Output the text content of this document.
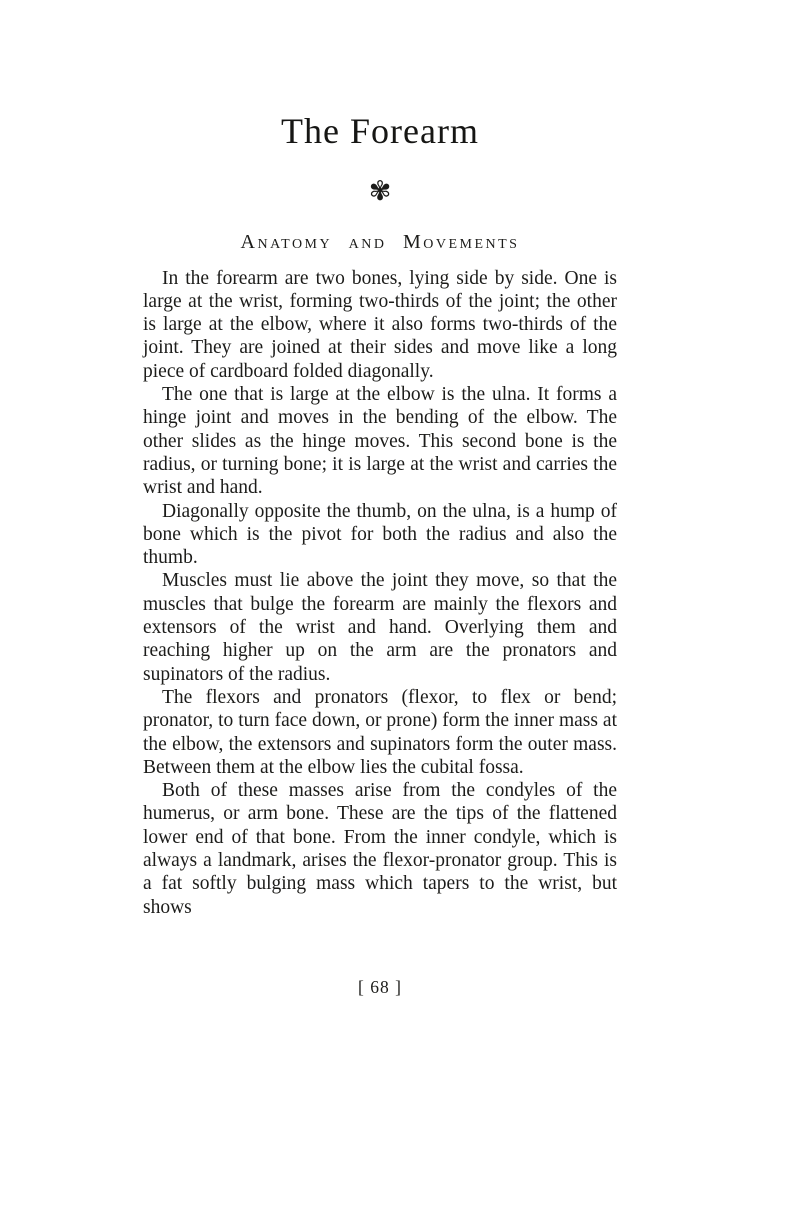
The Forearm
✾
Anatomy and Movements

In the forearm are two bones, lying side by side. One is large at the wrist, forming two-thirds of the joint; the other is large at the elbow, where it also forms two-thirds of the joint. They are joined at their sides and move like a long piece of cardboard folded diagonally.

The one that is large at the elbow is the ulna. It forms a hinge joint and moves in the bending of the elbow. The other slides as the hinge moves. This second bone is the radius, or turning bone; it is large at the wrist and carries the wrist and hand.

Diagonally opposite the thumb, on the ulna, is a hump of bone which is the pivot for both the radius and also the thumb.

Muscles must lie above the joint they move, so that the muscles that bulge the forearm are mainly the flexors and extensors of the wrist and hand. Overlying them and reaching higher up on the arm are the pronators and supinators of the radius.

The flexors and pronators (flexor, to flex or bend; pronator, to turn face down, or prone) form the inner mass at the elbow, the extensors and supinators form the outer mass. Between them at the elbow lies the cubital fossa.

Both of these masses arise from the condyles of the humerus, or arm bone. These are the tips of the flattened lower end of that bone. From the inner condyle, which is always a landmark, arises the flexor-pronator group. This is a fat softly bulging mass which tapers to the wrist, but shows

[ 68 ]
